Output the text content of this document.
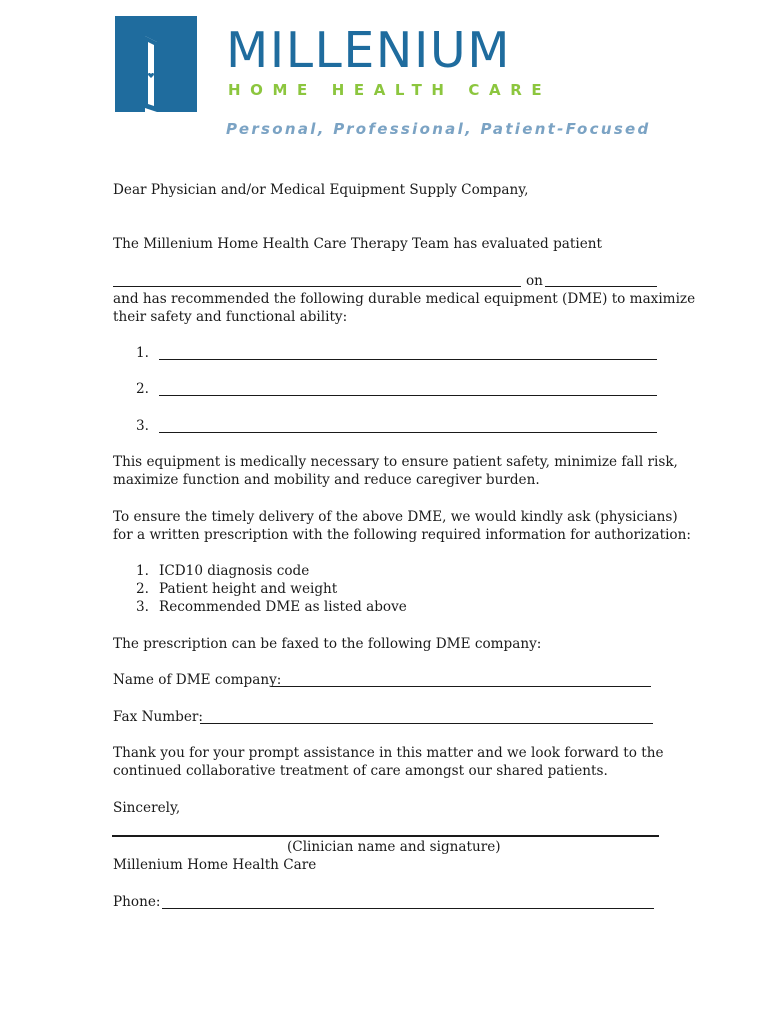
MILLENIUM
HOME HEALTH CARE
Personal, Professional, Patient-Focused
Dear Physician and/or Medical Equipment Supply Company,
The Millenium Home Health Care Therapy Team has evaluated patient
on
and has recommended the following durable medical equipment (DME) to maximize
their safety and functional ability:
1.
2.
3.
This equipment is medically necessary to ensure patient safety, minimize fall risk,
maximize function and mobility and reduce caregiver burden.
To ensure the timely delivery of the above DME, we would kindly ask (physicians)
for a written prescription with the following required information for authorization:
1. ICD10 diagnosis code
2. Patient height and weight
3. Recommended DME as listed above
The prescription can be faxed to the following DME company:
Name of DME company:
Fax Number:
Thank you for your prompt assistance in this matter and we look forward to the
continued collaborative treatment of care amongst our shared patients.
Sincerely,
(Clinician name and signature)
Millenium Home Health Care
Phone:
